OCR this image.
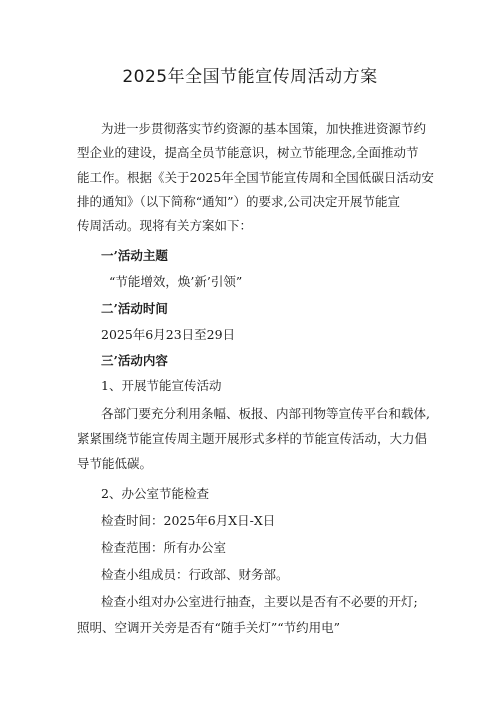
2025年全国节能宣传周活动方案
为进一步贯彻落实节约资源的基本国策，加快推进资源节约
型企业的建设，提高全员节能意识，树立节能理念,全面推动节
能工作。根据《关于2025年全国节能宣传周和全国低碳日活动安
排的通知》（以下简称“通知”）的要求,公司决定开展节能宣
传周活动。现将有关方案如下：
一’活动主题
“节能增效，焕’新’引领”
二’活动时间
2025年6月23日至29日
三’活动内容
1、开展节能宣传活动
各部门要充分利用条幅、板报、内部刊物等宣传平台和载体,
紧紧围绕节能宣传周主题开展形式多样的节能宣传活动，大力倡
导节能低碳。
2、办公室节能检查
检查时间：2025年6月X日-X日
检查范围：所有办公室
检查小组成员：行政部、财务部。
检查小组对办公室进行抽查，主要以是否有不必要的开灯;
照明、空调开关旁是否有“随手关灯”“节约用电”
